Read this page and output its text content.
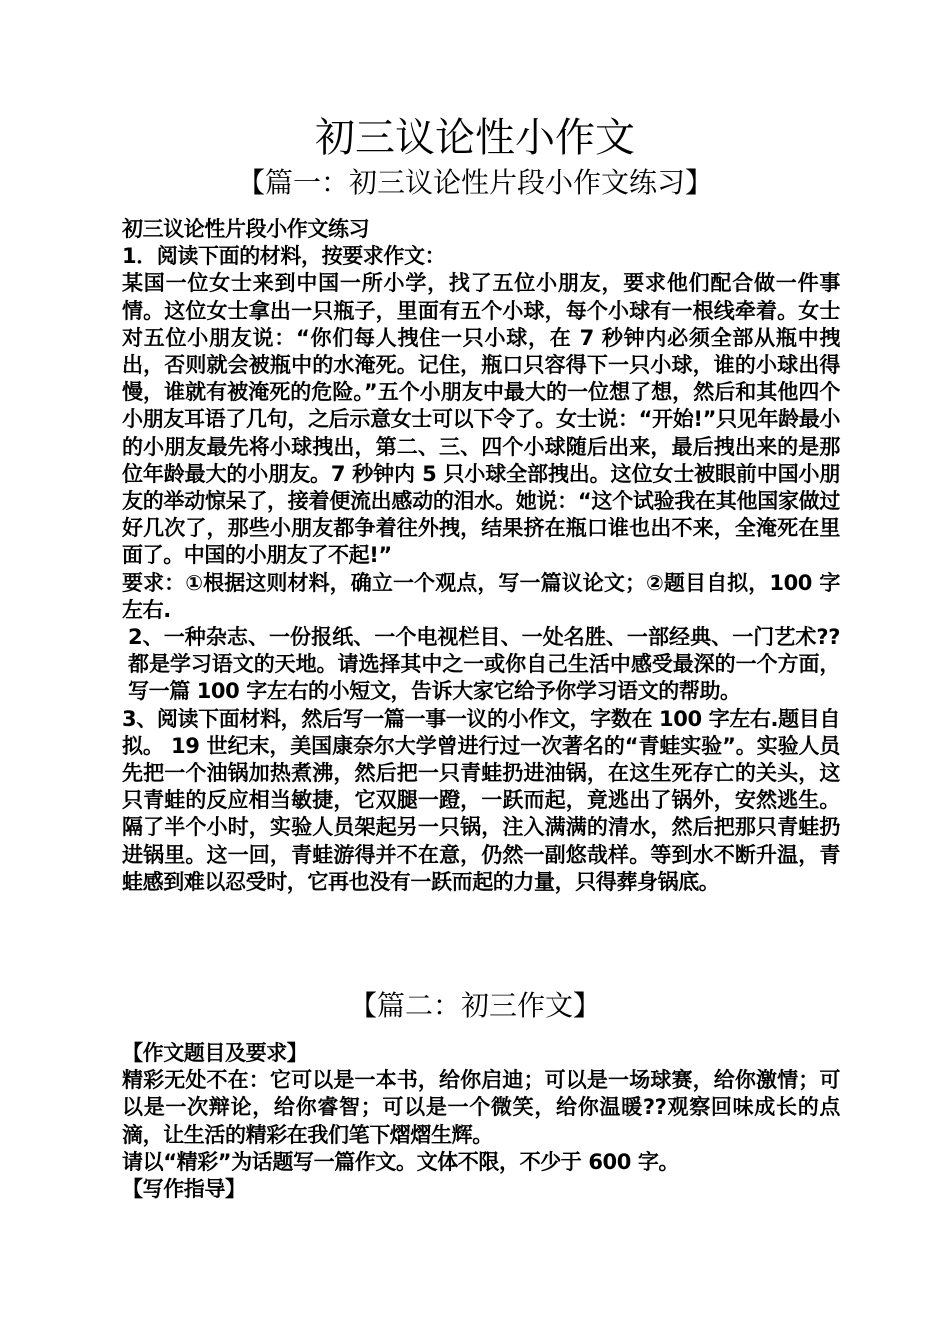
初三议论性小作文
【篇一：初三议论性片段小作文练习】

初三议论性片段小作文练习

1．阅读下面的材料，按要求作文：

某国一位女士来到中国一所小学，找了五位小朋友，要求他们配合做一件事情。这位女士拿出一只瓶子，里面有五个小球，每个小球有一根线牵着。女士对五位小朋友说：“你们每人拽住一只小球，在 7 秒钟内必须全部从瓶中拽出，否则就会被瓶中的水淹死。记住，瓶口只容得下一只小球，谁的小球出得慢，谁就有被淹死的危险。”五个小朋友中最大的一位想了想，然后和其他四个小朋友耳语了几句，之后示意女士可以下令了。女士说：“开始!”只见年龄最小的小朋友最先将小球拽出，第二、三、四个小球随后出来，最后拽出来的是那位年龄最大的小朋友。7 秒钟内 5 只小球全部拽出。这位女士被眼前中国小朋友的举动惊呆了，接着便流出感动的泪水。她说：“这个试验我在其他国家做过好几次了，那些小朋友都争着往外拽，结果挤在瓶口谁也出不来，全淹死在里面了。中国的小朋友了不起!”

要求：①根据这则材料，确立一个观点，写一篇议论文；②题目自拟，100 字左右.

2、一种杂志、一份报纸、一个电视栏目、一处名胜、一部经典、一门艺术??都是学习语文的天地。请选择其中之一或你自己生活中感受最深的一个方面，写一篇 100 字左右的小短文，告诉大家它给予你学习语文的帮助。

3、阅读下面材料，然后写一篇一事一议的小作文，字数在 100 字左右.题目自拟。 19 世纪末，美国康奈尔大学曾进行过一次著名的“青蛙实验”。实验人员先把一个油锅加热煮沸，然后把一只青蛙扔进油锅，在这生死存亡的关头，这只青蛙的反应相当敏捷，它双腿一蹬，一跃而起，竟逃出了锅外，安然逃生。 隔了半个小时，实验人员架起另一只锅，注入满满的清水，然后把那只青蛙扔进锅里。这一回，青蛙游得并不在意，仍然一副悠哉样。等到水不断升温，青蛙感到难以忍受时，它再也没有一跃而起的力量，只得葬身锅底。

【篇二：初三作文】

【作文题目及要求】

精彩无处不在：它可以是一本书，给你启迪；可以是一场球赛，给你激情；可以是一次辩论，给你睿智；可以是一个微笑，给你温暖??观察回味成长的点滴，让生活的精彩在我们笔下熠熠生辉。

请以“精彩”为话题写一篇作文。文体不限，不少于 600 字。

【写作指导】
